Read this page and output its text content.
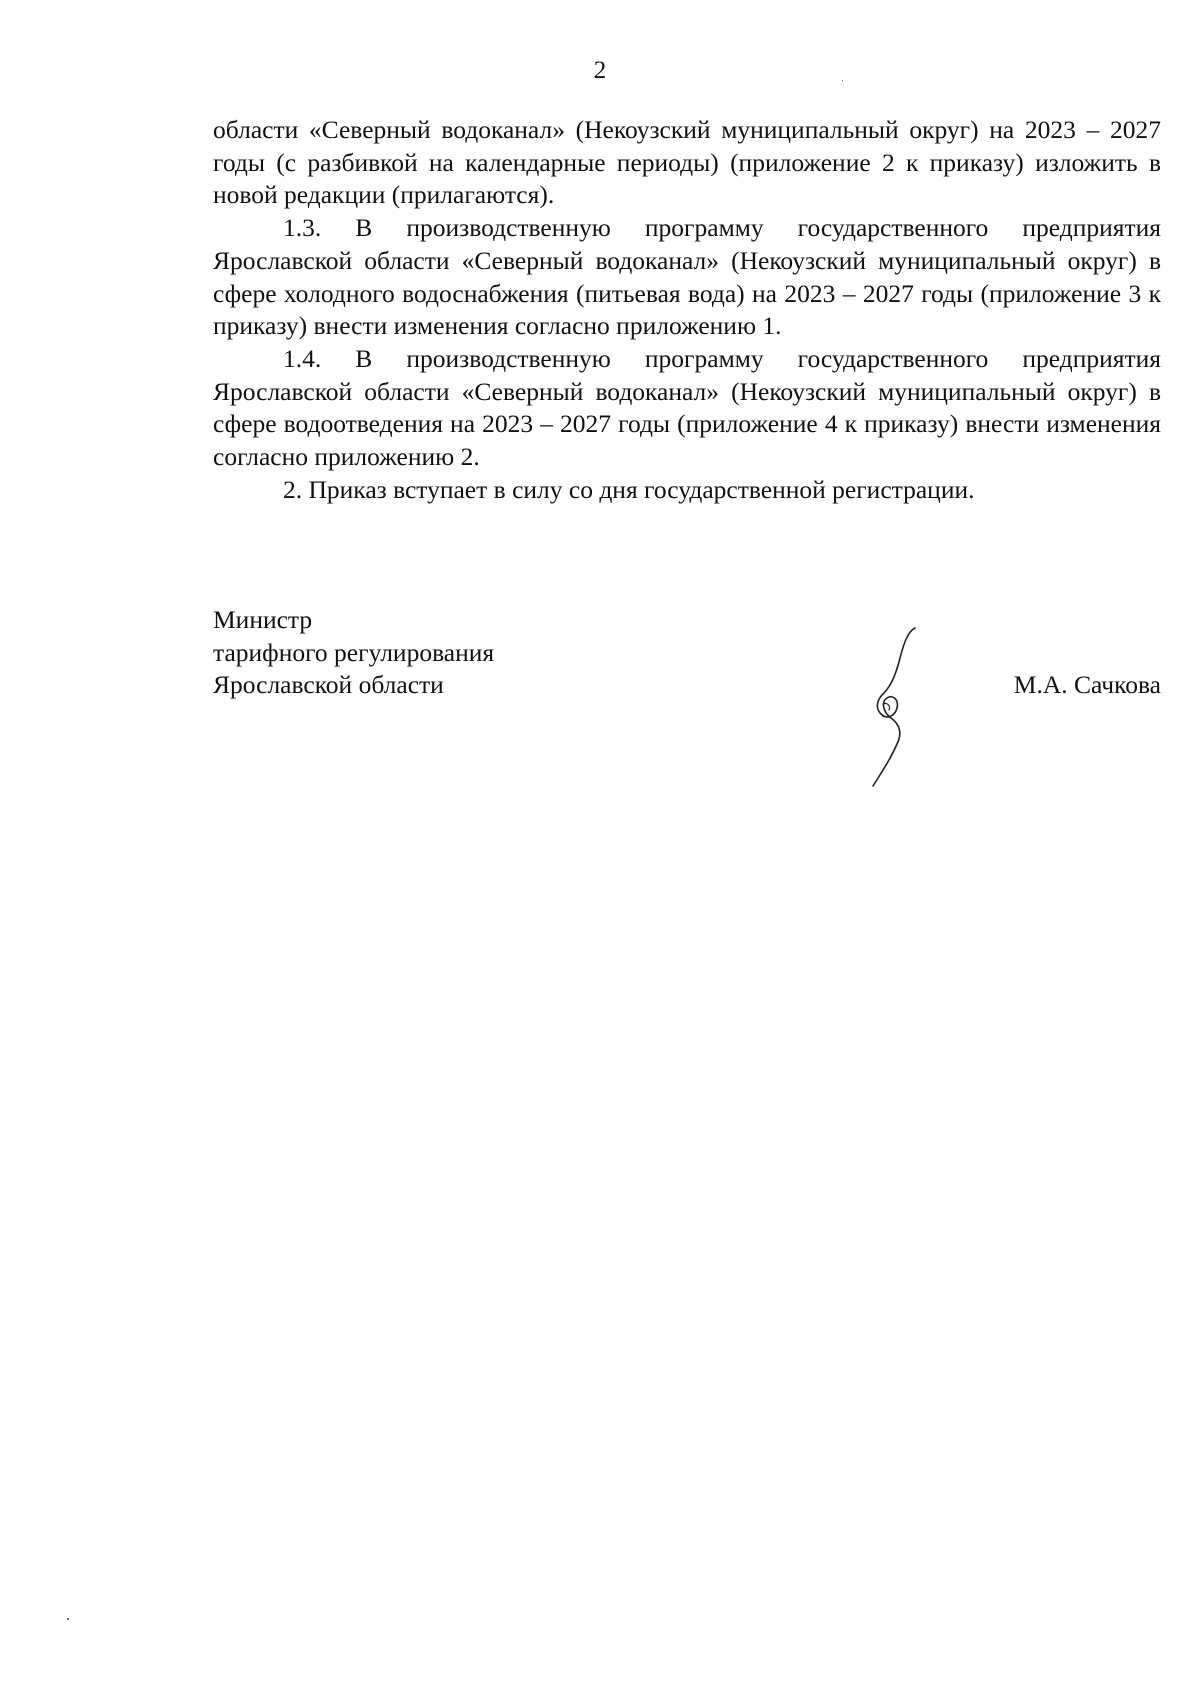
2

области «Северный водоканал» (Некоузский муниципальный округ) на 2023 – 2027 годы (с разбивкой на календарные периоды) (приложение 2 к приказу) изложить в новой редакции (прилагаются).

1.3. В производственную программу государственного предприятия Ярославской области «Северный водоканал» (Некоузский муниципальный округ) в сфере холодного водоснабжения (питьевая вода) на 2023 – 2027 годы (приложение 3 к приказу) внести изменения согласно приложению 1.

1.4. В производственную программу государственного предприятия Ярославской области «Северный водоканал» (Некоузский муниципальный округ) в сфере водоотведения на 2023 – 2027 годы (приложение 4 к приказу) внести изменения согласно приложению 2.

2. Приказ вступает в силу со дня государственной регистрации.

Министр
тарифного регулирования
Ярославской области	М.А. Сачкова
